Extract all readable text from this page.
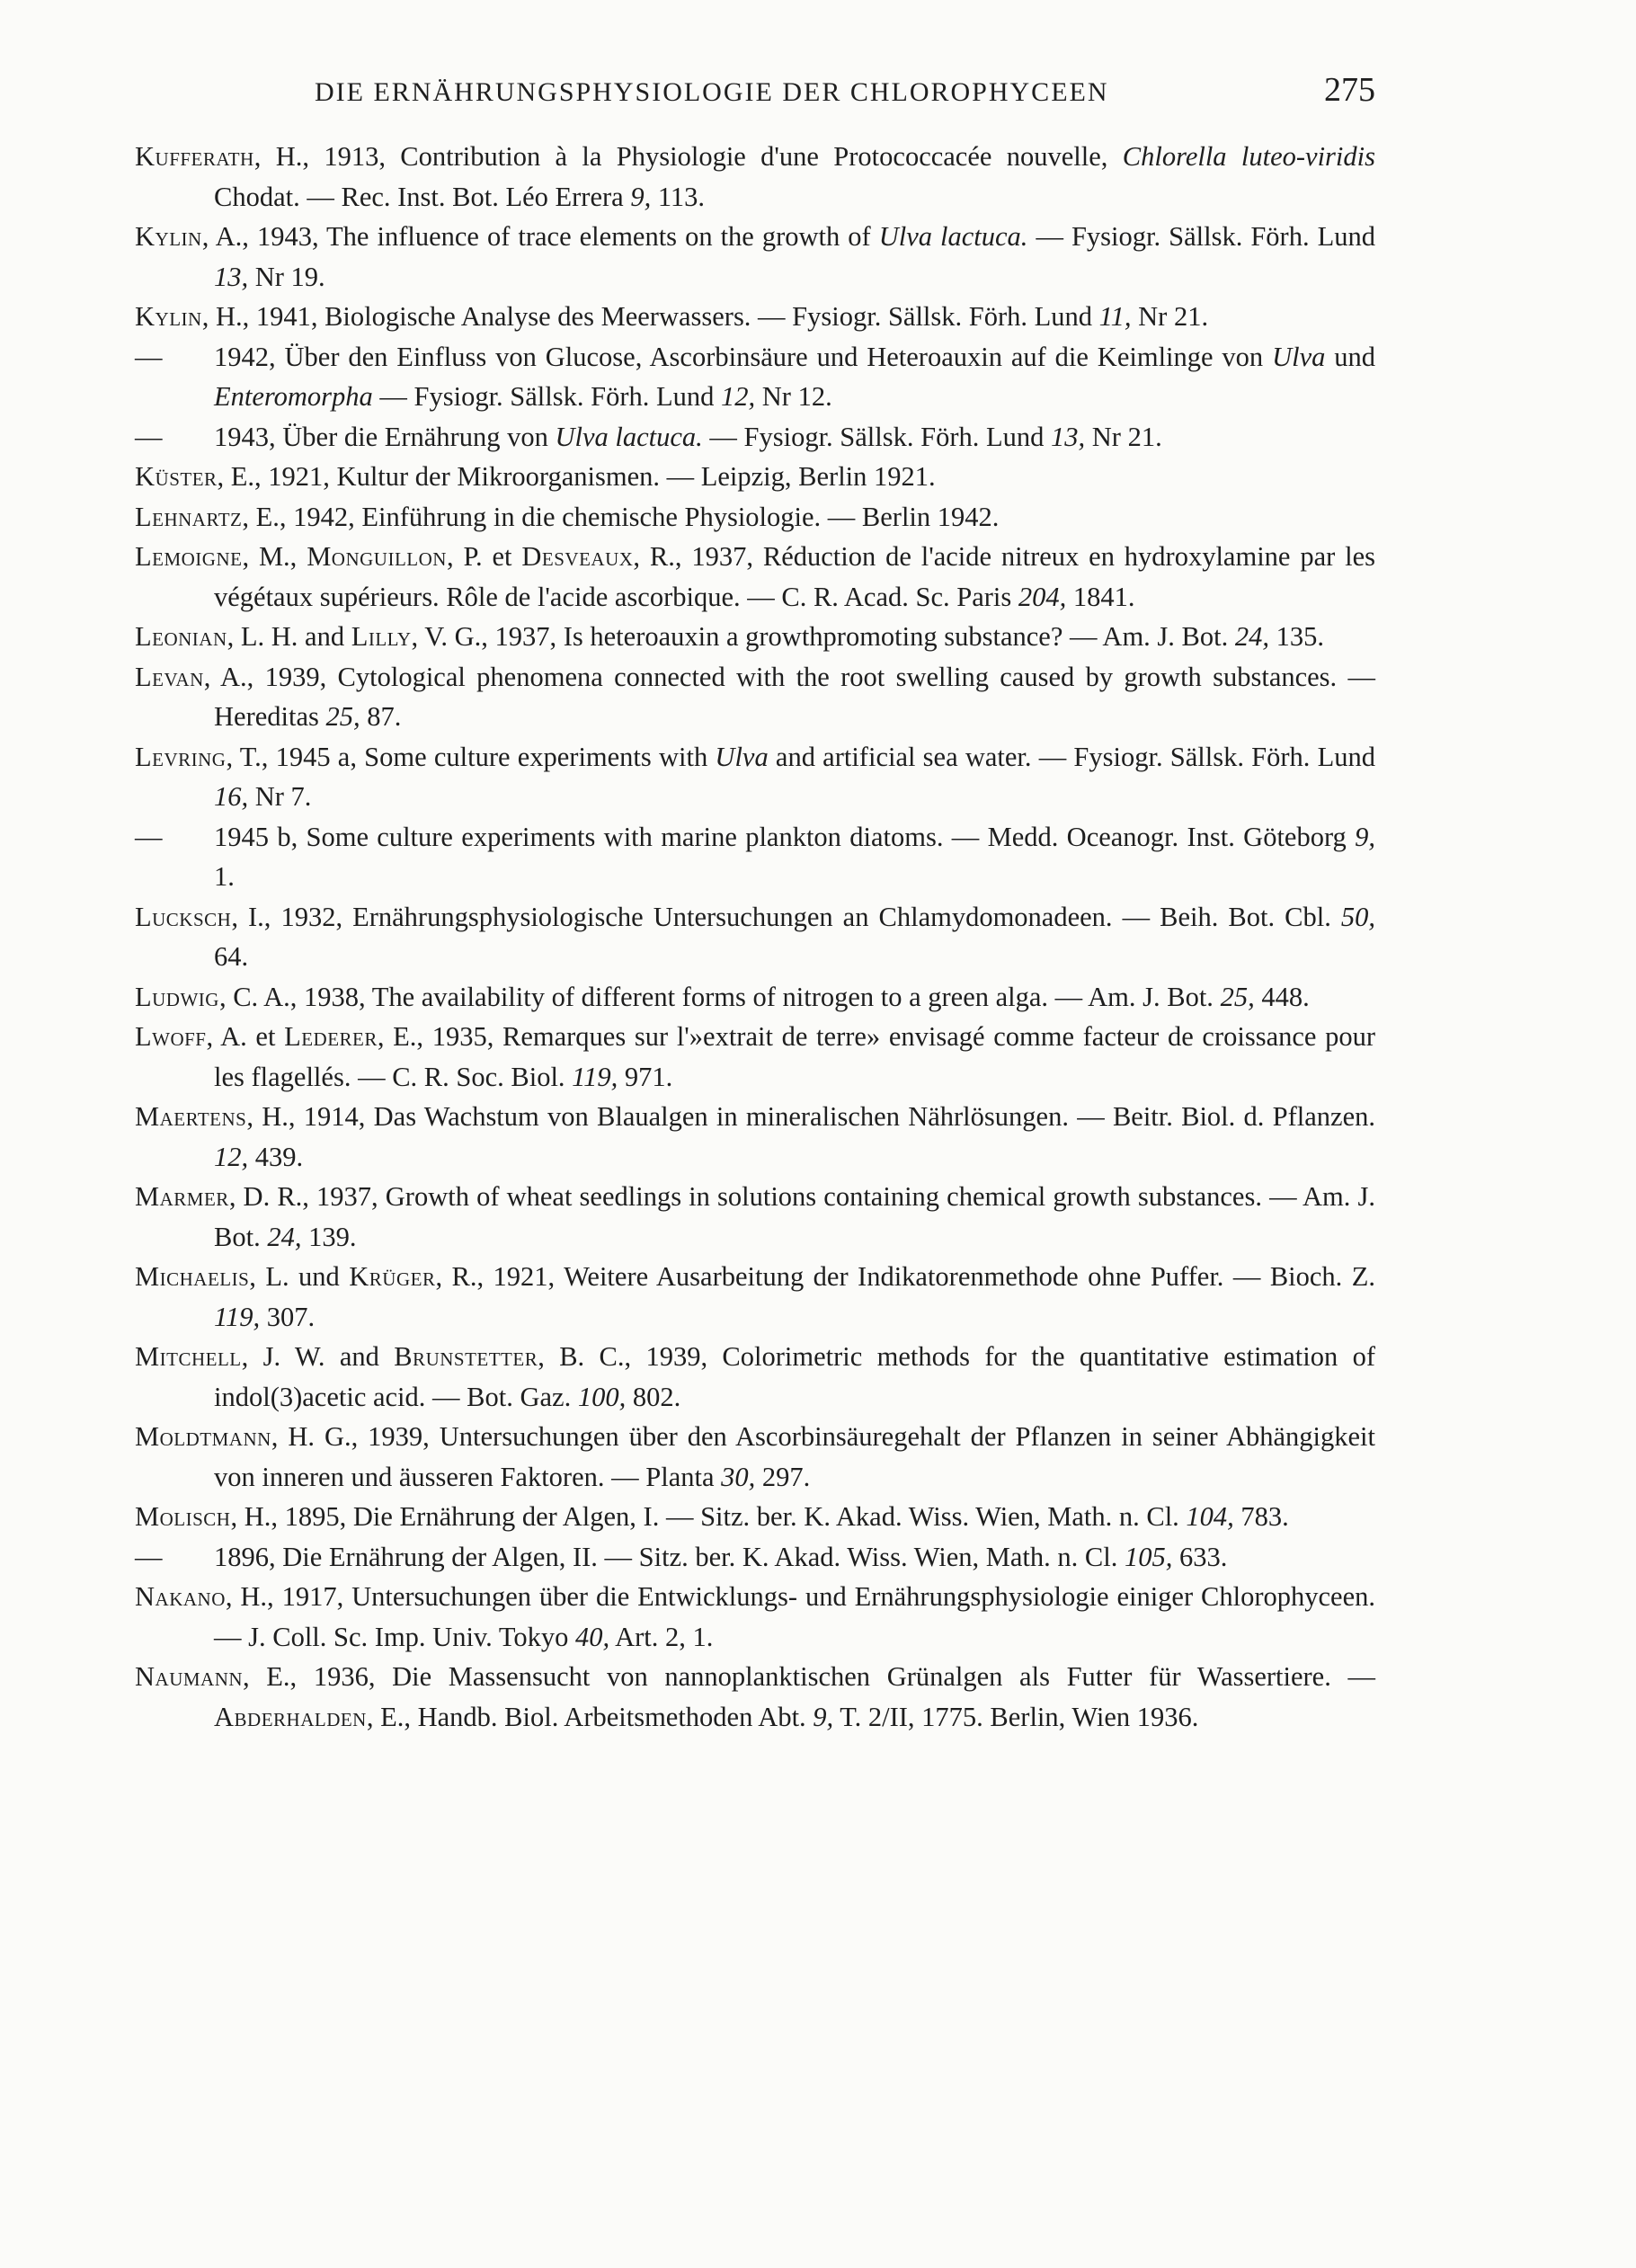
DIE ERNÄHRUNGSPHYSIOLOGIE DER CHLOROPHYCEEN	275

Kufferath, H., 1913, Contribution à la Physiologie d'une Protococcacée nouvelle, Chlorella luteo-viridis Chodat. — Rec. Inst. Bot. Léo Errera 9, 113.

Kylin, A., 1943, The influence of trace elements on the growth of Ulva lactuca. — Fysiogr. Sällsk. Förh. Lund 13, Nr 19.

Kylin, H., 1941, Biologische Analyse des Meerwassers. — Fysiogr. Sällsk. Förh. Lund 11, Nr 21.

— 1942, Über den Einfluss von Glucose, Ascorbinsäure und Heteroauxin auf die Keimlinge von Ulva und Enteromorpha — Fysiogr. Sällsk. Förh. Lund 12, Nr 12.

— 1943, Über die Ernährung von Ulva lactuca. — Fysiogr. Sällsk. Förh. Lund 13, Nr 21.

Küster, E., 1921, Kultur der Mikroorganismen. — Leipzig, Berlin 1921.

Lehnartz, E., 1942, Einführung in die chemische Physiologie. — Berlin 1942.

Lemoigne, M., Monguillon, P. et Desveaux, R., 1937, Réduction de l'acide nitreux en hydroxylamine par les végétaux supérieurs. Rôle de l'acide ascorbique. — C. R. Acad. Sc. Paris 204, 1841.

Leonian, L. H. and Lilly, V. G., 1937, Is heteroauxin a growthpromoting substance? — Am. J. Bot. 24, 135.

Levan, A., 1939, Cytological phenomena connected with the root swelling caused by growth substances. — Hereditas 25, 87.

Levring, T., 1945 a, Some culture experiments with Ulva and artificial sea water. — Fysiogr. Sällsk. Förh. Lund 16, Nr 7.

— 1945 b, Some culture experiments with marine plankton diatoms. — Medd. Oceanogr. Inst. Göteborg 9, 1.

Lucksch, I., 1932, Ernährungsphysiologische Untersuchungen an Chlamydomonadeen. — Beih. Bot. Cbl. 50, 64.

Ludwig, C. A., 1938, The availability of different forms of nitrogen to a green alga. — Am. J. Bot. 25, 448.

Lwoff, A. et Lederer, E., 1935, Remarques sur l'»extrait de terre» envisagé comme facteur de croissance pour les flagellés. — C. R. Soc. Biol. 119, 971.

Maertens, H., 1914, Das Wachstum von Blaualgen in mineralischen Nährlösungen. — Beitr. Biol. d. Pflanzen. 12, 439.

Marmer, D. R., 1937, Growth of wheat seedlings in solutions containing chemical growth substances. — Am. J. Bot. 24, 139.

Michaelis, L. und Krüger, R., 1921, Weitere Ausarbeitung der Indikatorenmethode ohne Puffer. — Bioch. Z. 119, 307.

Mitchell, J. W. and Brunstetter, B. C., 1939, Colorimetric methods for the quantitative estimation of indol(3)acetic acid. — Bot. Gaz. 100, 802.

Moldtmann, H. G., 1939, Untersuchungen über den Ascorbinsäuregehalt der Pflanzen in seiner Abhängigkeit von inneren und äusseren Faktoren. — Planta 30, 297.

Molisch, H., 1895, Die Ernährung der Algen, I. — Sitz. ber. K. Akad. Wiss. Wien, Math. n. Cl. 104, 783.

— 1896, Die Ernährung der Algen, II. — Sitz. ber. K. Akad. Wiss. Wien, Math. n. Cl. 105, 633.

Nakano, H., 1917, Untersuchungen über die Entwicklungs- und Ernährungsphysiologie einiger Chlorophyceen. — J. Coll. Sc. Imp. Univ. Tokyo 40, Art. 2, 1.

Naumann, E., 1936, Die Massensucht von nannoplanktischen Grünalgen als Futter für Wassertiere. — Abderhalden, E., Handb. Biol. Arbeitsmethoden Abt. 9, T. 2/II, 1775. Berlin, Wien 1936.
